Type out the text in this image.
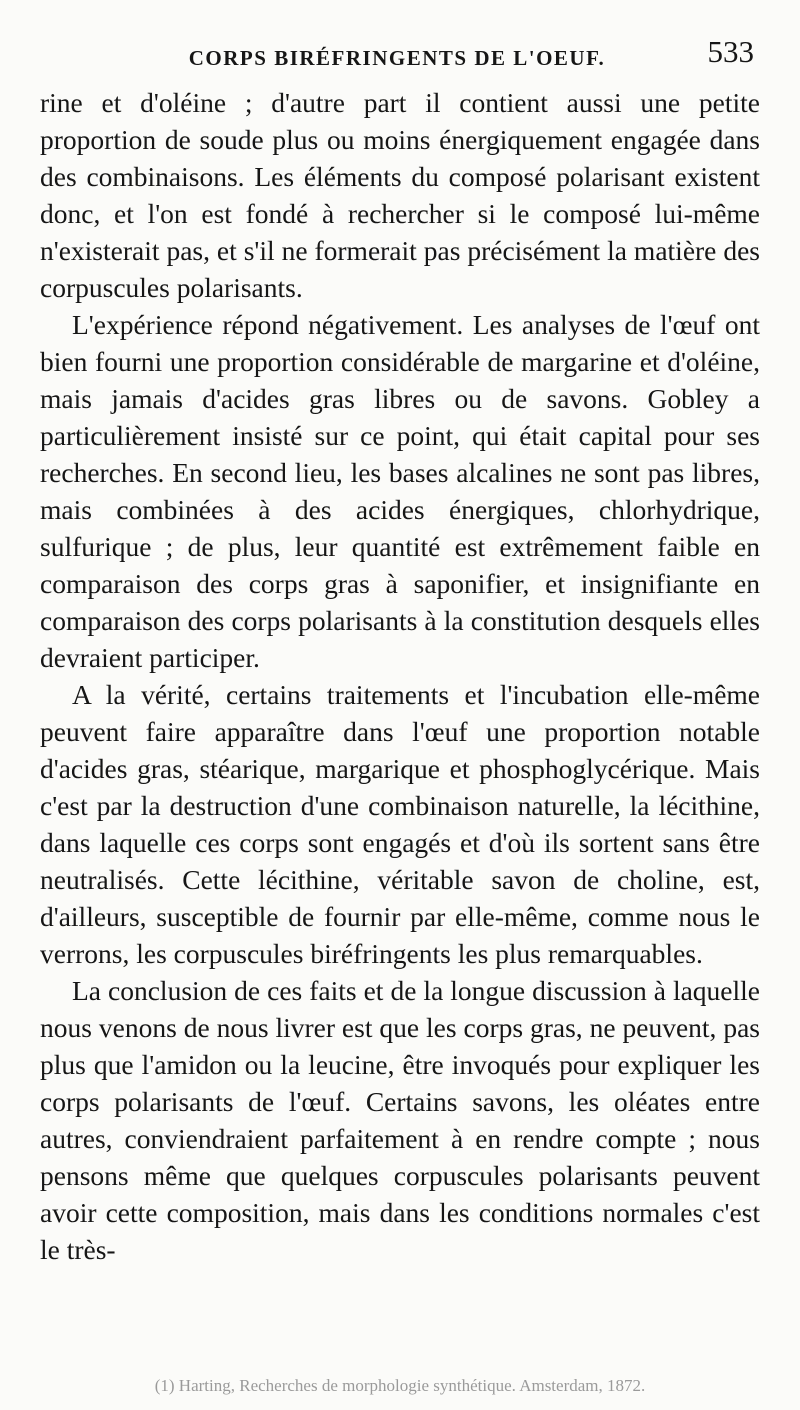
CORPS BIRÉFRINGENTS DE L'OEUF.	533

rine et d'oléine ; d'autre part il contient aussi une petite proportion de soude plus ou moins énergiquement engagée dans des combinaisons. Les éléments du composé polarisant existent donc, et l'on est fondé à rechercher si le composé lui-même n'existerait pas, et s'il ne formerait pas précisément la matière des corpuscules polarisants.

L'expérience répond négativement. Les analyses de l'œuf ont bien fourni une proportion considérable de margarine et d'oléine, mais jamais d'acides gras libres ou de savons. Gobley a particulièrement insisté sur ce point, qui était capital pour ses recherches. En second lieu, les bases alcalines ne sont pas libres, mais combinées à des acides énergiques, chlorhydrique, sulfurique ; de plus, leur quantité est extrêmement faible en comparaison des corps gras à saponifier, et insignifiante en comparaison des corps polarisants à la constitution desquels elles devraient participer.

A la vérité, certains traitements et l'incubation elle-même peuvent faire apparaître dans l'œuf une proportion notable d'acides gras, stéarique, margarique et phosphoglycérique. Mais c'est par la destruction d'une combinaison naturelle, la lécithine, dans laquelle ces corps sont engagés et d'où ils sortent sans être neutralisés. Cette lécithine, véritable savon de choline, est, d'ailleurs, susceptible de fournir par elle-même, comme nous le verrons, les corpuscules biréfringents les plus remarquables.

La conclusion de ces faits et de la longue discussion à laquelle nous venons de nous livrer est que les corps gras, ne peuvent, pas plus que l'amidon ou la leucine, être invoqués pour expliquer les corps polarisants de l'œuf. Certains savons, les oléates entre autres, conviendraient parfaitement à en rendre compte ; nous pensons même que quelques corpuscules polarisants peuvent avoir cette composition, mais dans les conditions normales c'est le très-

(1) Harting, Recherches de morphologie synthétique. Amsterdam, 1872.
